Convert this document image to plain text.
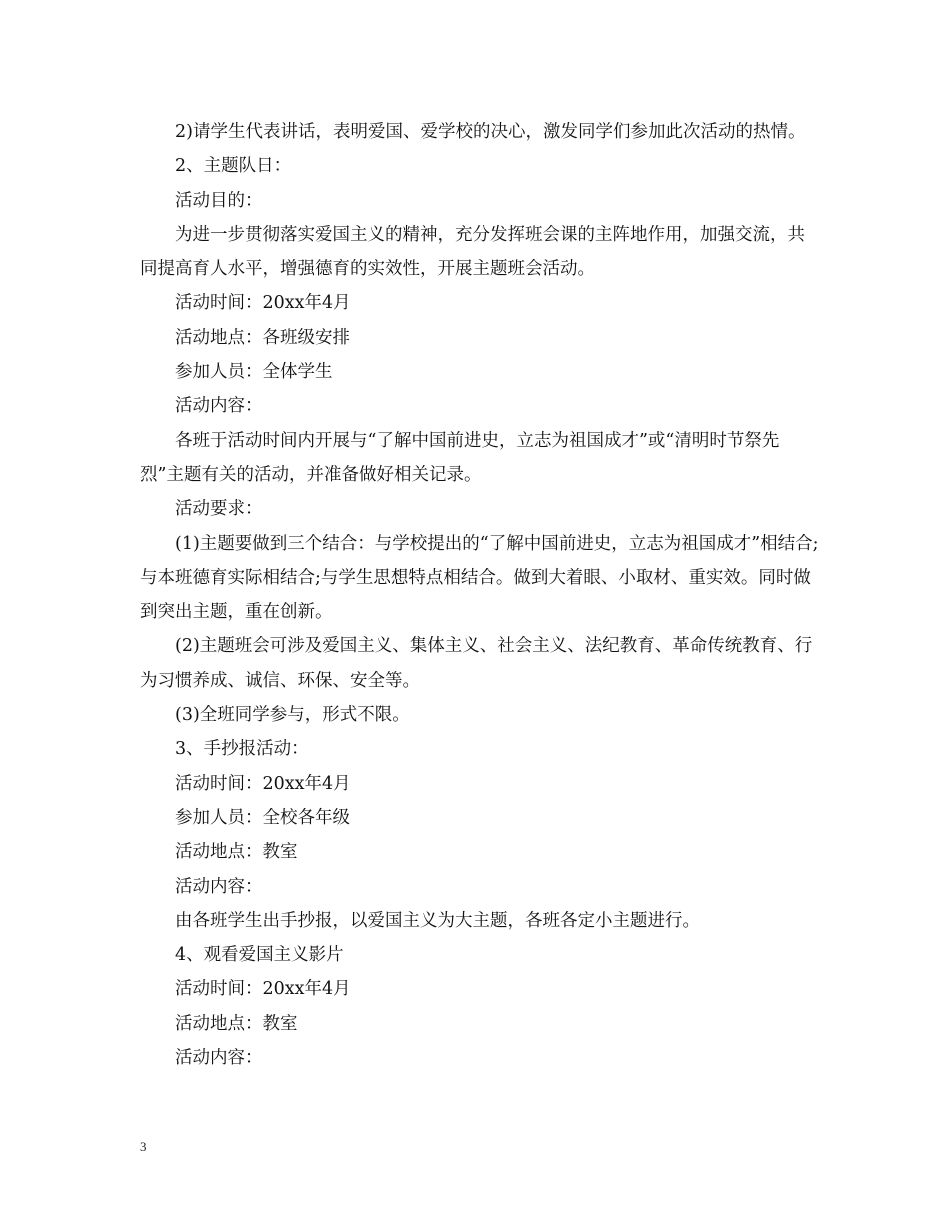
2)请学生代表讲话，表明爱国、爱学校的决心，激发同学们参加此次活动的热情。

2、主题队日：

活动目的：

为进一步贯彻落实爱国主义的精神，充分发挥班会课的主阵地作用，加强交流，共同提高育人水平，增强德育的实效性，开展主题班会活动。

活动时间：20xx年4月

活动地点：各班级安排

参加人员：全体学生

活动内容：

各班于活动时间内开展与“了解中国前进史，立志为祖国成才”或“清明时节祭先烈”主题有关的活动，并准备做好相关记录。

活动要求：

(1)主题要做到三个结合：与学校提出的“了解中国前进史，立志为祖国成才”相结合;与本班德育实际相结合;与学生思想特点相结合。做到大着眼、小取材、重实效。同时做到突出主题，重在创新。

(2)主题班会可涉及爱国主义、集体主义、社会主义、法纪教育、革命传统教育、行为习惯养成、诚信、环保、安全等。

(3)全班同学参与，形式不限。

3、手抄报活动：

活动时间：20xx年4月

参加人员：全校各年级

活动地点：教室

活动内容：

由各班学生出手抄报，以爱国主义为大主题，各班各定小主题进行。

4、观看爱国主义影片

活动时间：20xx年4月

活动地点：教室

活动内容：

3
